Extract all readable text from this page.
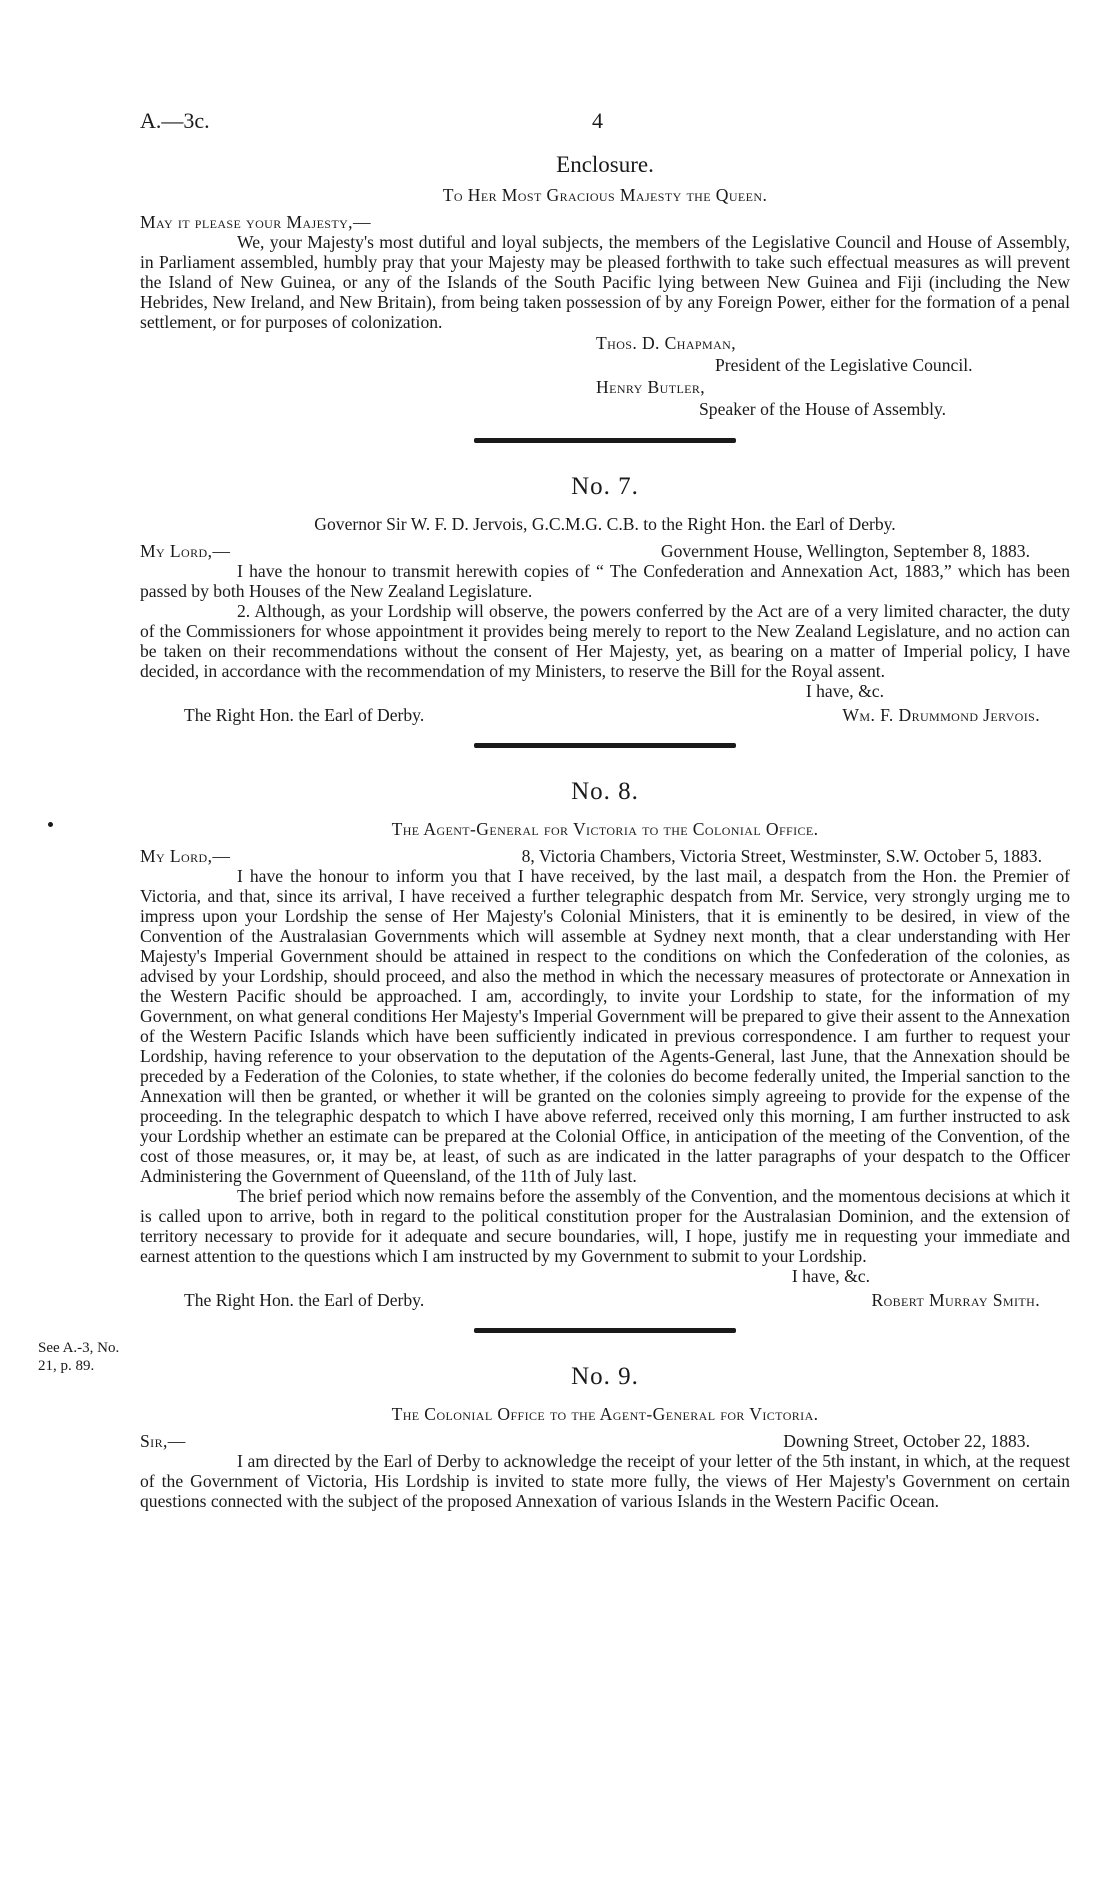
A.—3c.	4
See A.-3, No.
21, p. 89.
Enclosure.
To Her Most Gracious Majesty the Queen.

May it please your Majesty,—

We, your Majesty's most dutiful and loyal subjects, the members of the Legislative Council and House of Assembly, in Parliament assembled, humbly pray that your Majesty may be pleased forthwith to take such effectual measures as will prevent the Island of New Guinea, or any of the Islands of the South Pacific lying between New Guinea and Fiji (including the New Hebrides, New Ireland, and New Britain), from being taken possession of by any Foreign Power, either for the formation of a penal settlement, or for purposes of colonization.

Thos. D. Chapman,
President of the Legislative Council.
Henry Butler,
Speaker of the House of Assembly.
No. 7.
Governor Sir W. F. D. Jervois, G.C.M.G. C.B. to the Right Hon. the Earl of Derby.
My Lord,—	Government House, Wellington, September 8, 1883.

I have the honour to transmit herewith copies of “ The Confederation and Annexation Act, 1883,” which has been passed by both Houses of the New Zealand Legislature.

2. Although, as your Lordship will observe, the powers conferred by the Act are of a very limited character, the duty of the Commissioners for whose appointment it provides being merely to report to the New Zealand Legislature, and no action can be taken on their recommendations without the consent of Her Majesty, yet, as bearing on a matter of Imperial policy, I have decided, in accordance with the recommendation of my Ministers, to reserve the Bill for the Royal assent.

I have, &c.
The Right Hon. the Earl of Derby.	Wm. F. Drummond Jervois.
No. 8.
The Agent-General for Victoria to the Colonial Office.
My Lord,—	8, Victoria Chambers, Victoria Street, Westminster, S.W. October 5, 1883.

I have the honour to inform you that I have received, by the last mail, a despatch from the Hon. the Premier of Victoria, and that, since its arrival, I have received a further telegraphic despatch from Mr. Service, very strongly urging me to impress upon your Lordship the sense of Her Majesty's Colonial Ministers, that it is eminently to be desired, in view of the Convention of the Australasian Governments which will assemble at Sydney next month, that a clear understanding with Her Majesty's Imperial Government should be attained in respect to the conditions on which the Confederation of the colonies, as advised by your Lordship, should proceed, and also the method in which the necessary measures of protectorate or Annexation in the Western Pacific should be approached. I am, accordingly, to invite your Lordship to state, for the information of my Government, on what general conditions Her Majesty's Imperial Government will be prepared to give their assent to the Annexation of the Western Pacific Islands which have been sufficiently indicated in previous correspondence. I am further to request your Lordship, having reference to your observation to the deputation of the Agents-General, last June, that the Annexation should be preceded by a Federation of the Colonies, to state whether, if the colonies do become federally united, the Imperial sanction to the Annexation will then be granted, or whether it will be granted on the colonies simply agreeing to provide for the expense of the proceeding. In the telegraphic despatch to which I have above referred, received only this morning, I am further instructed to ask your Lordship whether an estimate can be prepared at the Colonial Office, in anticipation of the meeting of the Convention, of the cost of those measures, or, it may be, at least, of such as are indicated in the latter paragraphs of your despatch to the Officer Administering the Government of Queensland, of the 11th of July last.

The brief period which now remains before the assembly of the Convention, and the momentous decisions at which it is called upon to arrive, both in regard to the political constitution proper for the Australasian Dominion, and the extension of territory necessary to provide for it adequate and secure boundaries, will, I hope, justify me in requesting your immediate and earnest attention to the questions which I am instructed by my Government to submit to your Lordship.

I have, &c.
The Right Hon. the Earl of Derby.	Robert Murray Smith.
No. 9.
The Colonial Office to the Agent-General for Victoria.
Sir,—	Downing Street, October 22, 1883.

I am directed by the Earl of Derby to acknowledge the receipt of your letter of the 5th instant, in which, at the request of the Government of Victoria, His Lordship is invited to state more fully, the views of Her Majesty's Government on certain questions connected with the subject of the proposed Annexation of various Islands in the Western Pacific Ocean.
